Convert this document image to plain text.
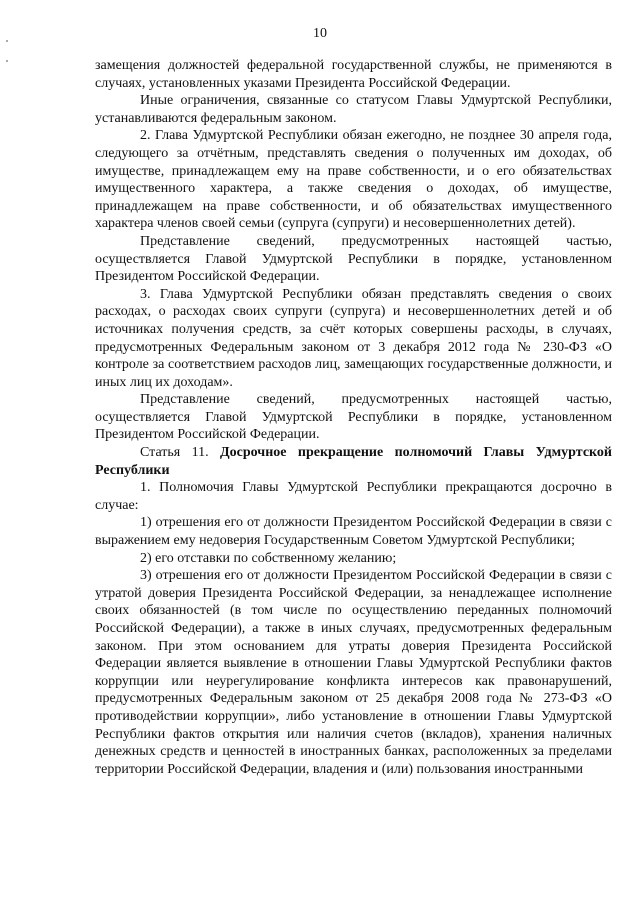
10

замещения должностей федеральной государственной службы, не применяются в случаях, установленных указами Президента Российской Федерации.

Иные ограничения, связанные со статусом Главы Удмуртской Республики, устанавливаются федеральным законом.

2. Глава Удмуртской Республики обязан ежегодно, не позднее 30 апреля года, следующего за отчётным, представлять сведения о полученных им доходах, об имуществе, принадлежащем ему на праве собственности, и о его обязательствах имущественного характера, а также сведения о доходах, об имуществе, принадлежащем на праве собственности, и об обязательствах имущественного характера членов своей семьи (супруга (супруги) и несовершеннолетних детей).

Представление сведений, предусмотренных настоящей частью, осуществляется Главой Удмуртской Республики в порядке, установленном Президентом Российской Федерации.

3. Глава Удмуртской Республики обязан представлять сведения о своих расходах, о расходах своих супруги (супруга) и несовершеннолетних детей и об источниках получения средств, за счёт которых совершены расходы, в случаях, предусмотренных Федеральным законом от 3 декабря 2012 года № 230-ФЗ «О контроле за соответствием расходов лиц, замещающих государственные должности, и иных лиц их доходам».

Представление сведений, предусмотренных настоящей частью, осуществляется Главой Удмуртской Республики в порядке, установленном Президентом Российской Федерации.

Статья 11. Досрочное прекращение полномочий Главы Удмуртской Республики

1. Полномочия Главы Удмуртской Республики прекращаются досрочно в случае:

1) отрешения его от должности Президентом Российской Федерации в связи с выражением ему недоверия Государственным Советом Удмуртской Республики;

2) его отставки по собственному желанию;

3) отрешения его от должности Президентом Российской Федерации в связи с утратой доверия Президента Российской Федерации, за ненадлежащее исполнение своих обязанностей (в том числе по осуществлению переданных полномочий Российской Федерации), а также в иных случаях, предусмотренных федеральным законом. При этом основанием для утраты доверия Президента Российской Федерации является выявление в отношении Главы Удмуртской Республики фактов коррупции или неурегулирование конфликта интересов как правонарушений, предусмотренных Федеральным законом от 25 декабря 2008 года № 273-ФЗ «О противодействии коррупции», либо установление в отношении Главы Удмуртской Республики фактов открытия или наличия счетов (вкладов), хранения наличных денежных средств и ценностей в иностранных банках, расположенных за пределами территории Российской Федерации, владения и (или) пользования иностранными
